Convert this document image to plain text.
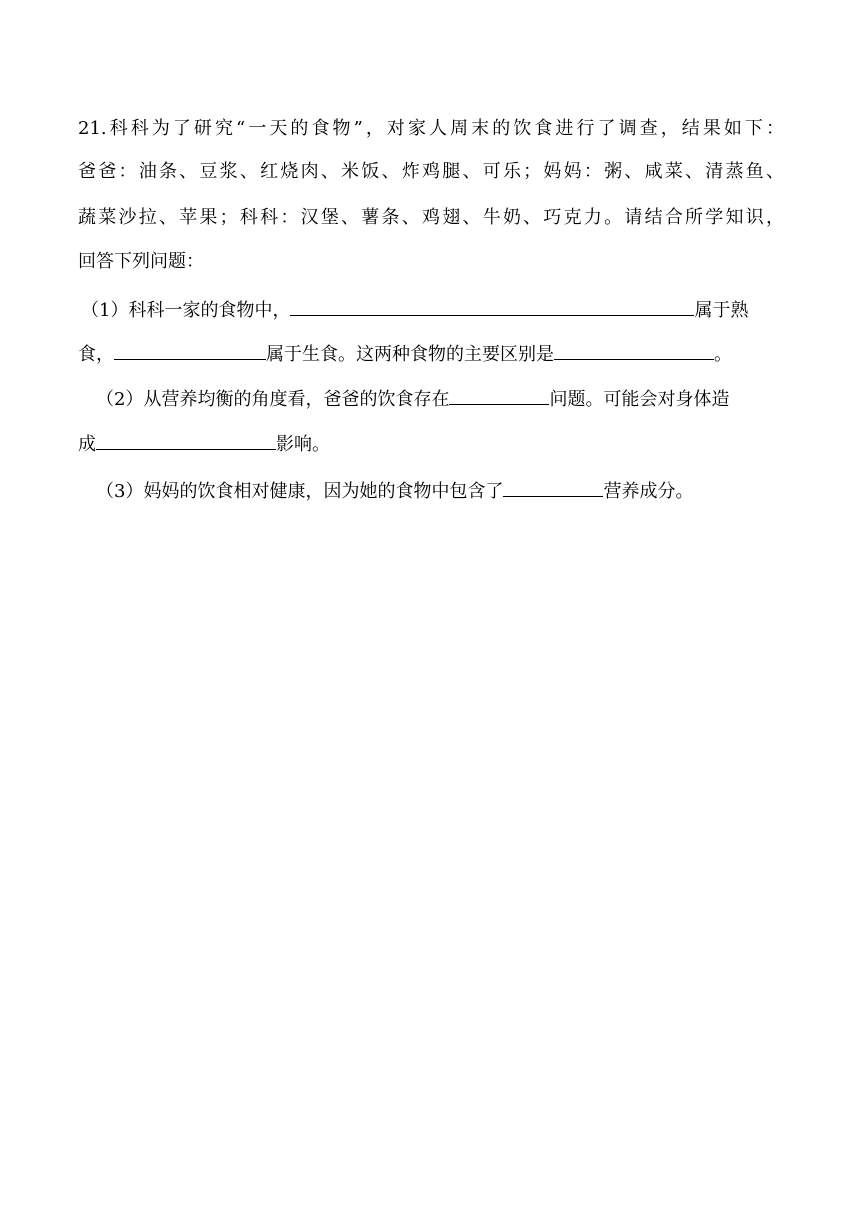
21.科科为了研究“一天的食物”，对家人周末的饮食进行了调查，结果如下：
爸爸：油条、豆浆、红烧肉、米饭、炸鸡腿、可乐；妈妈：粥、咸菜、清蒸鱼、
蔬菜沙拉、苹果；科科：汉堡、薯条、鸡翅、牛奶、巧克力。请结合所学知识，
回答下列问题：
（1）科科一家的食物中，	属于熟
食，	属于生食。这两种食物的主要区别是	。
（2）从营养均衡的角度看，爸爸的饮食存在	问题。可能会对身体造
成	影响。
（3）妈妈的饮食相对健康，因为她的食物中包含了	营养成分。
